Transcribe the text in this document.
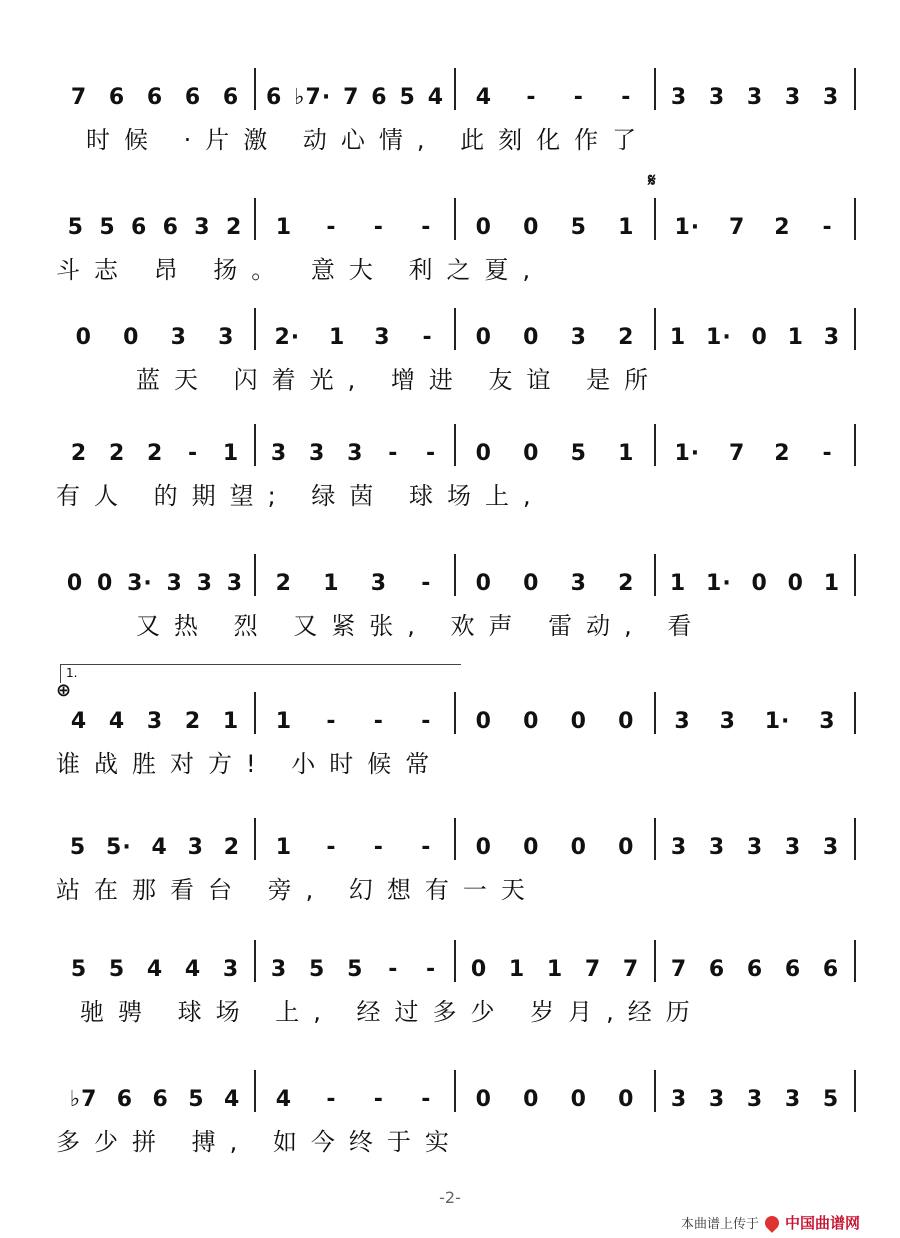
7 6 6 6 6 6 ♭7· 7 6 5 4 4 - - - 3 3 3 3 3
时候 ·片激 动心情, 此刻化作了
𝄋
5 5 6 6 3 2 1 - - - 0 0 5 1 1· 7 2 -
斗志 昂 扬。 意大 利之夏,
0 0 3 3 2· 1 3 - 0 0 3 2 1 1· 0 1 3
蓝天 闪着光, 增进 友谊 是所
2 2 2 - 1 3 3 3 - - 0 0 5 1 1· 7 2 -
有人 的期望; 绿茵 球场上,
0 0 3· 3 3 3 2 1 3 - 0 0 3 2 1 1· 0 0 1
又热 烈 又紧张, 欢声 雷动, 看
1.
⊕
4 4 3 2 1 1 - - - 0 0 0 0 3 3 1· 3
谁战胜对方! 小时候常
5 5· 4 3 2 1 - - - 0 0 0 0 3 3 3 3 3
站在那看台 旁, 幻想有一天
5 5 4 4 3 3 5 5 - - 0 1 1 7 7 7 6 6 6 6
驰骋 球场 上, 经过多少 岁月,经历
♭7 6 6 5 4 4 - - - 0 0 0 0 3 3 3 3 5
多少拼 搏, 如今终于实
-2-
本曲谱上传于 中国曲谱网
